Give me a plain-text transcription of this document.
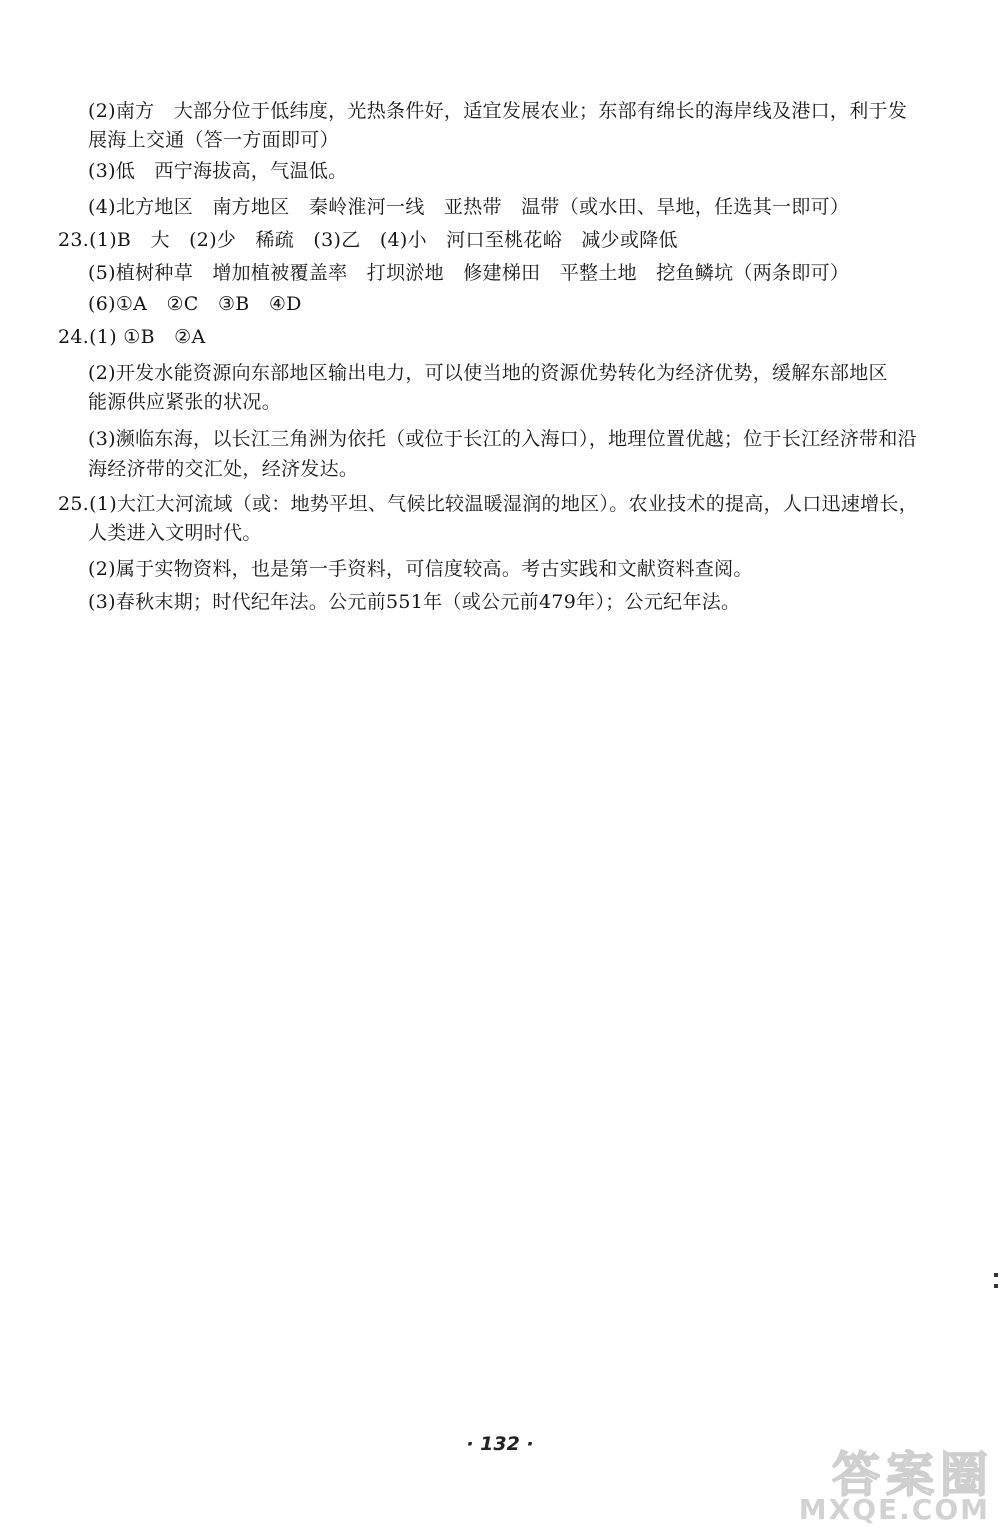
(2)南方　大部分位于低纬度，光热条件好，适宜发展农业；东部有绵长的海岸线及港口，利于发
展海上交通（答一方面即可）
(3)低　西宁海拔高，气温低。
(4)北方地区　南方地区　秦岭淮河一线　亚热带　温带（或水田、旱地，任选其一即可）
23.(1)B　大　(2)少　稀疏　(3)乙　(4)小　河口至桃花峪　减少或降低
(5)植树种草　增加植被覆盖率　打坝淤地　修建梯田　平整土地　挖鱼鳞坑（两条即可）
(6)①A　②C　③B　④D
24.(1) ①B　②A
(2)开发水能资源向东部地区输出电力，可以使当地的资源优势转化为经济优势，缓解东部地区
能源供应紧张的状况。
(3)濒临东海，以长江三角洲为依托（或位于长江的入海口），地理位置优越；位于长江经济带和沿
海经济带的交汇处，经济发达。
25.(1)大江大河流域（或：地势平坦、气候比较温暖湿润的地区）。农业技术的提高，人口迅速增长，
人类进入文明时代。
(2)属于实物资料，也是第一手资料，可信度较高。考古实践和文献资料查阅。
(3)春秋末期；时代纪年法。公元前551年（或公元前479年）；公元纪年法。
· 132 ·
答案圈
MXQE.COM
